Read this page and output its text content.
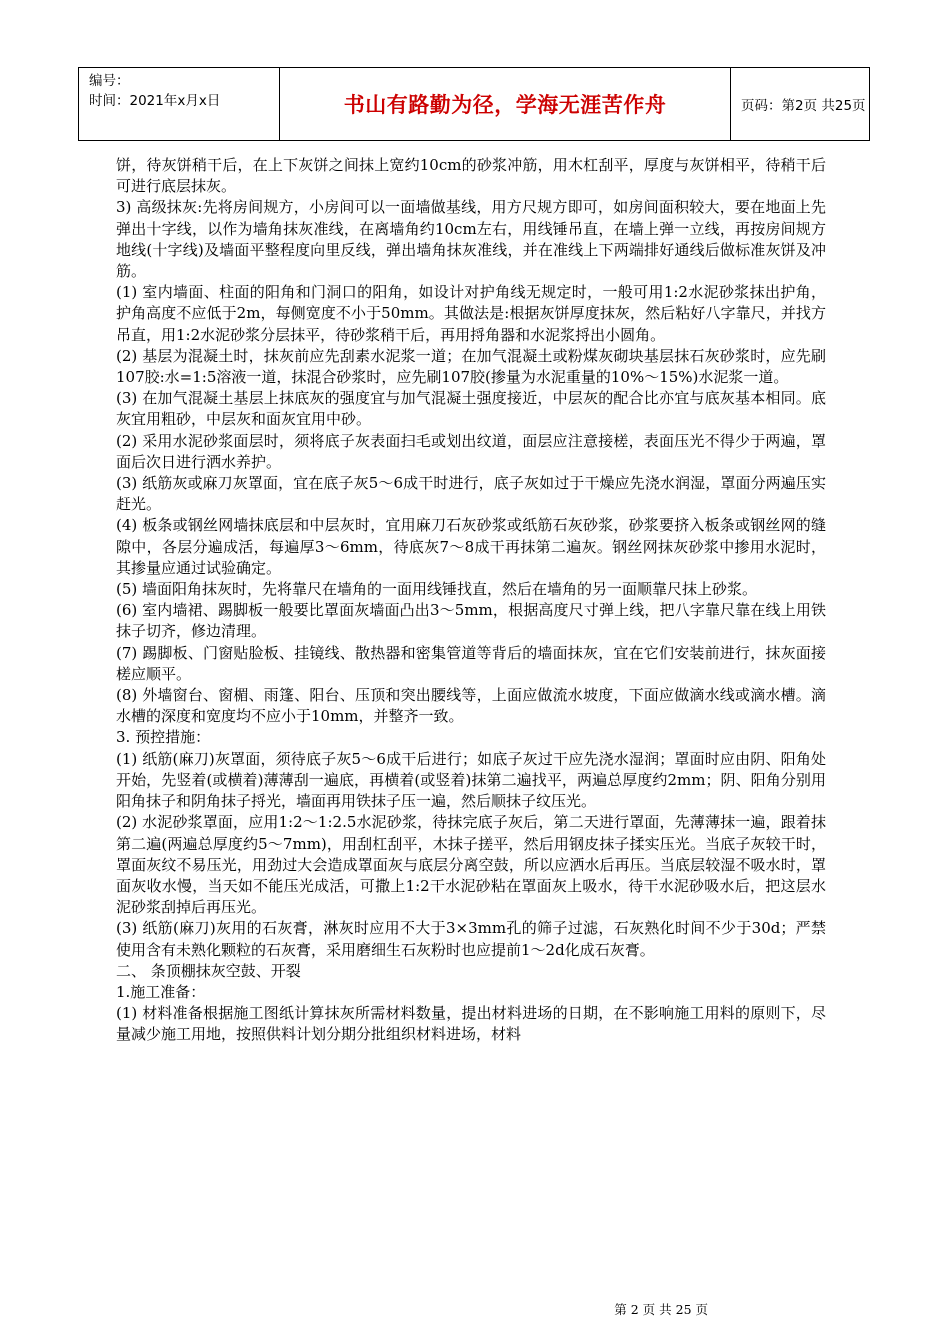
编号：
时间：2021年x月x日	书山有路勤为径，学海无涯苦作舟	页码：第2页 共25页

饼，待灰饼稍干后，在上下灰饼之间抹上宽约10cm的砂浆冲筋，用木杠刮平，厚度与灰饼相平，待稍干后可进行底层抹灰。

3) 高级抹灰:先将房间规方，小房间可以一面墙做基线，用方尺规方即可，如房间面积较大，要在地面上先弹出十字线，以作为墙角抹灰准线，在离墙角约10cm左右，用线锤吊直，在墙上弹一立线，再按房间规方地线(十字线)及墙面平整程度向里反线，弹出墙角抹灰准线，并在准线上下两端排好通线后做标准灰饼及冲筋。

(1) 室内墙面、柱面的阳角和门洞口的阳角，如设计对护角线无规定时，一般可用1:2水泥砂浆抹出护角，护角高度不应低于2m，每侧宽度不小于50mm。其做法是:根据灰饼厚度抹灰，然后粘好八字靠尺，并找方吊直，用1:2水泥砂浆分层抹平，待砂浆稍干后，再用捋角器和水泥浆捋出小圆角。

(2) 基层为混凝土时，抹灰前应先刮素水泥浆一道；在加气混凝土或粉煤灰砌块基层抹石灰砂浆时，应先刷107胶:水=1:5溶液一道，抹混合砂浆时，应先刷107胶(掺量为水泥重量的10%～15%)水泥浆一道。

(3) 在加气混凝土基层上抹底灰的强度宜与加气混凝土强度接近，中层灰的配合比亦宜与底灰基本相同。底灰宜用粗砂，中层灰和面灰宜用中砂。

(2) 采用水泥砂浆面层时，须将底子灰表面扫毛或划出纹道，面层应注意接槎，表面压光不得少于两遍，罩面后次日进行洒水养护。

(3) 纸筋灰或麻刀灰罩面，宜在底子灰5～6成干时进行，底子灰如过于干燥应先浇水润湿，罩面分两遍压实赶光。

(4) 板条或钢丝网墙抹底层和中层灰时，宜用麻刀石灰砂浆或纸筋石灰砂浆，砂浆要挤入板条或钢丝网的缝隙中，各层分遍成活，每遍厚3～6mm，待底灰7～8成干再抹第二遍灰。钢丝网抹灰砂浆中掺用水泥时，其掺量应通过试验确定。

(5) 墙面阳角抹灰时，先将靠尺在墙角的一面用线锤找直，然后在墙角的另一面顺靠尺抹上砂浆。

(6) 室内墙裙、踢脚板一般要比罩面灰墙面凸出3～5mm，根据高度尺寸弹上线，把八字靠尺靠在线上用铁抹子切齐，修边清理。

(7) 踢脚板、门窗贴脸板、挂镜线、散热器和密集管道等背后的墙面抹灰，宜在它们安装前进行，抹灰面接槎应顺平。

(8) 外墙窗台、窗楣、雨篷、阳台、压顶和突出腰线等，上面应做流水坡度，下面应做滴水线或滴水槽。滴水槽的深度和宽度均不应小于10mm，并整齐一致。

3. 预控措施：

(1) 纸筋(麻刀)灰罩面，须待底子灰5～6成干后进行；如底子灰过干应先浇水湿润；罩面时应由阴、阳角处开始，先竖着(或横着)薄薄刮一遍底，再横着(或竖着)抹第二遍找平，两遍总厚度约2mm；阴、阳角分别用阳角抹子和阴角抹子捋光，墙面再用铁抹子压一遍，然后顺抹子纹压光。

(2) 水泥砂浆罩面，应用1:2～1:2.5水泥砂浆，待抹完底子灰后，第二天进行罩面，先薄薄抹一遍，跟着抹第二遍(两遍总厚度约5～7mm)，用刮杠刮平，木抹子搓平，然后用钢皮抹子揉实压光。当底子灰较干时，罩面灰纹不易压光，用劲过大会造成罩面灰与底层分离空鼓，所以应洒水后再压。当底层较湿不吸水时，罩面灰收水慢，当天如不能压光成活，可撒上1:2干水泥砂粘在罩面灰上吸水，待干水泥砂吸水后，把这层水泥砂浆刮掉后再压光。

(3) 纸筋(麻刀)灰用的石灰膏，淋灰时应用不大于3×3mm孔的筛子过滤，石灰熟化时间不少于30d；严禁使用含有未熟化颗粒的石灰膏，采用磨细生石灰粉时也应提前1～2d化成石灰膏。

二、 条顶棚抹灰空鼓、开裂

1.施工准备：

(1) 材料准备根据施工图纸计算抹灰所需材料数量，提出材料进场的日期，在不影响施工用料的原则下，尽量减少施工用地，按照供料计划分期分批组织材料进场，材料

第 2 页 共 25 页
